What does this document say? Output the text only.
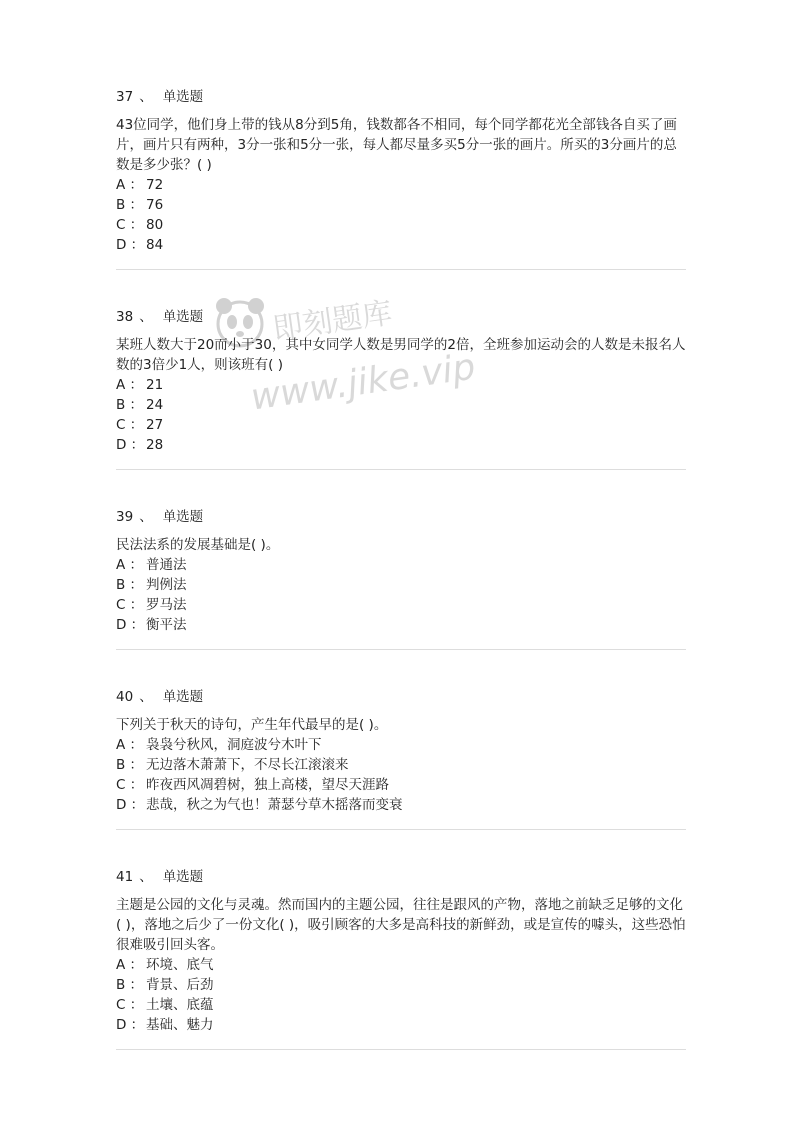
37 、 单选题
43位同学，他们身上带的钱从8分到5角，钱数都各不相同，每个同学都花光全部钱各自买了画片，画片只有两种，3分一张和5分一张，每人都尽量多买5分一张的画片。所买的3分画片的总数是多少张？( )
A ： 72
B ： 76
C ： 80
D ： 84
38 、 单选题
某班人数大于20而小于30，其中女同学人数是男同学的2倍，全班参加运动会的人数是未报名人数的3倍少1人，则该班有( )
A ： 21
B ： 24
C ： 27
D ： 28
39 、 单选题
民法法系的发展基础是( )。
A ： 普通法
B ： 判例法
C ： 罗马法
D ： 衡平法
40 、 单选题
下列关于秋天的诗句，产生年代最早的是( )。
A ： 袅袅兮秋风，洞庭波兮木叶下
B ： 无边落木萧萧下，不尽长江滚滚来
C ： 昨夜西风凋碧树，独上高楼，望尽天涯路
D ： 悲哉，秋之为气也！萧瑟兮草木摇落而变衰
41 、 单选题
主题是公园的文化与灵魂。然而国内的主题公园，往往是跟风的产物，落地之前缺乏足够的文化( )，落地之后少了一份文化( )，吸引顾客的大多是高科技的新鲜劲，或是宣传的噱头，这些恐怕很难吸引回头客。
A ： 环境、底气
B ： 背景、后劲
C ： 土壤、底蕴
D ： 基础、魅力
即刻题库
www.jike.vip
